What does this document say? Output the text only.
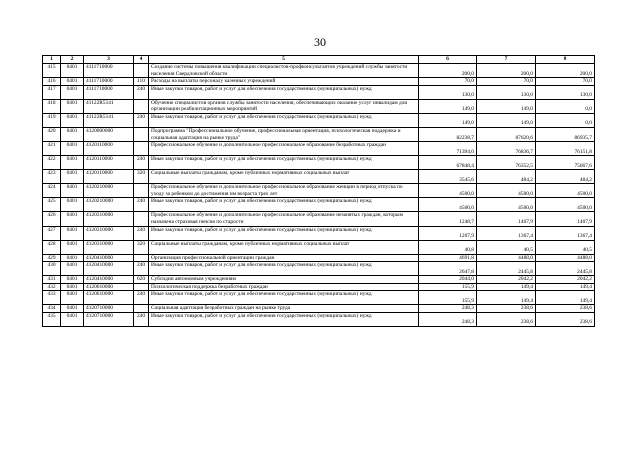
30
1	2	3	4	5	6	7	8
415	0401	4111710000		Создание системы повышения квалификации специалистов-профконсультантов учреждений службы занятости населения Свердловской области	200,0	200,0	200,0
416	0401	4111710000	110	Расходы на выплаты персоналу казенных учреждений	70,0	70,0	70,0
417	0401	4111710000	240	Иные закупки товаров, работ и услуг для обеспечения государственных (муниципальных) нужд	130,0	130,0	130,0
418	0401	41122R5141		Обучение специалистов органов службы занятости населения, обеспечивающих оказание услуг инвалидам для организации реабилитационных мероприятий	149,0	149,0	0,0
419	0401	41122R5141	240	Иные закупки товаров, работ и услуг для обеспечения государственных (муниципальных) нужд	149,0	149,0	0,0
420	0401	4120000000		Подпрограмма "Профессиональное обучение, профессиональная ориентация, психологическая поддержка и социальная адаптация на рынке труда"	82238,7	87620,6	86935,7
421	0401	4120110000		Профессиональное обучение и дополнительное профессиональное образование безработных граждан	71394,0	76836,7	76151,8
422	0401	4120110000	240	Иные закупки товаров, работ и услуг для обеспечения государственных (муниципальных) нужд	67848,4	76352,5	75667,6
423	0401	4120110000	320	Социальные выплаты гражданам, кроме публичных нормативных социальных выплат	3545,6	484,2	484,2
424	0401	4120210000		Профессиональное обучение и дополнительное профессиональное образование женщин в период отпуска по уходу за ребенком до достижения им возраста трех лет	4500,0	4500,0	4500,0
425	0401	4120210000	240	Иные закупки товаров, работ и услуг для обеспечения государственных (муниципальных) нужд	4500,0	4500,0	4500,0
426	0401	4120310000		Профессиональное обучение и дополнительное профессиональное образование незанятых граждан, которым назначена страховая пенсия по старости	1248,7	1407,9	1407,9
427	0401	4120310000	240	Иные закупки товаров, работ и услуг для обеспечения государственных (муниципальных) нужд	1207,9	1367,4	1367,4
428	0401	4120310000	320	Социальные выплаты гражданам, кроме публичных нормативных социальных выплат	40,8	40,5	40,5
429	0401	4120410000		Организация профессиональной ориентации граждан	4691,8	4488,0	4488,0
430	0401	4120410000	240	Иные закупки товаров, работ и услуг для обеспечения государственных (муниципальных) нужд	2647,8	2445,8	2445,8
431	0401	4120410000	620	Субсидии автономным учреждениям	2044,0	2042,2	2042,2
432	0401	4120610000		Психологическая поддержка безработных граждан	155,9	149,4	149,4
433	0401	4120610000	240	Иные закупки товаров, работ и услуг для обеспечения государственных (муниципальных) нужд	155,9	149,4	149,4
434	0401	4120710000		Социальная адаптация безработных граждан на рынке труда	248,3	238,6	238,6
435	0401	4120710000	240	Иные закупки товаров, работ и услуг для обеспечения государственных (муниципальных) нужд	248,3	238,6	238,6
